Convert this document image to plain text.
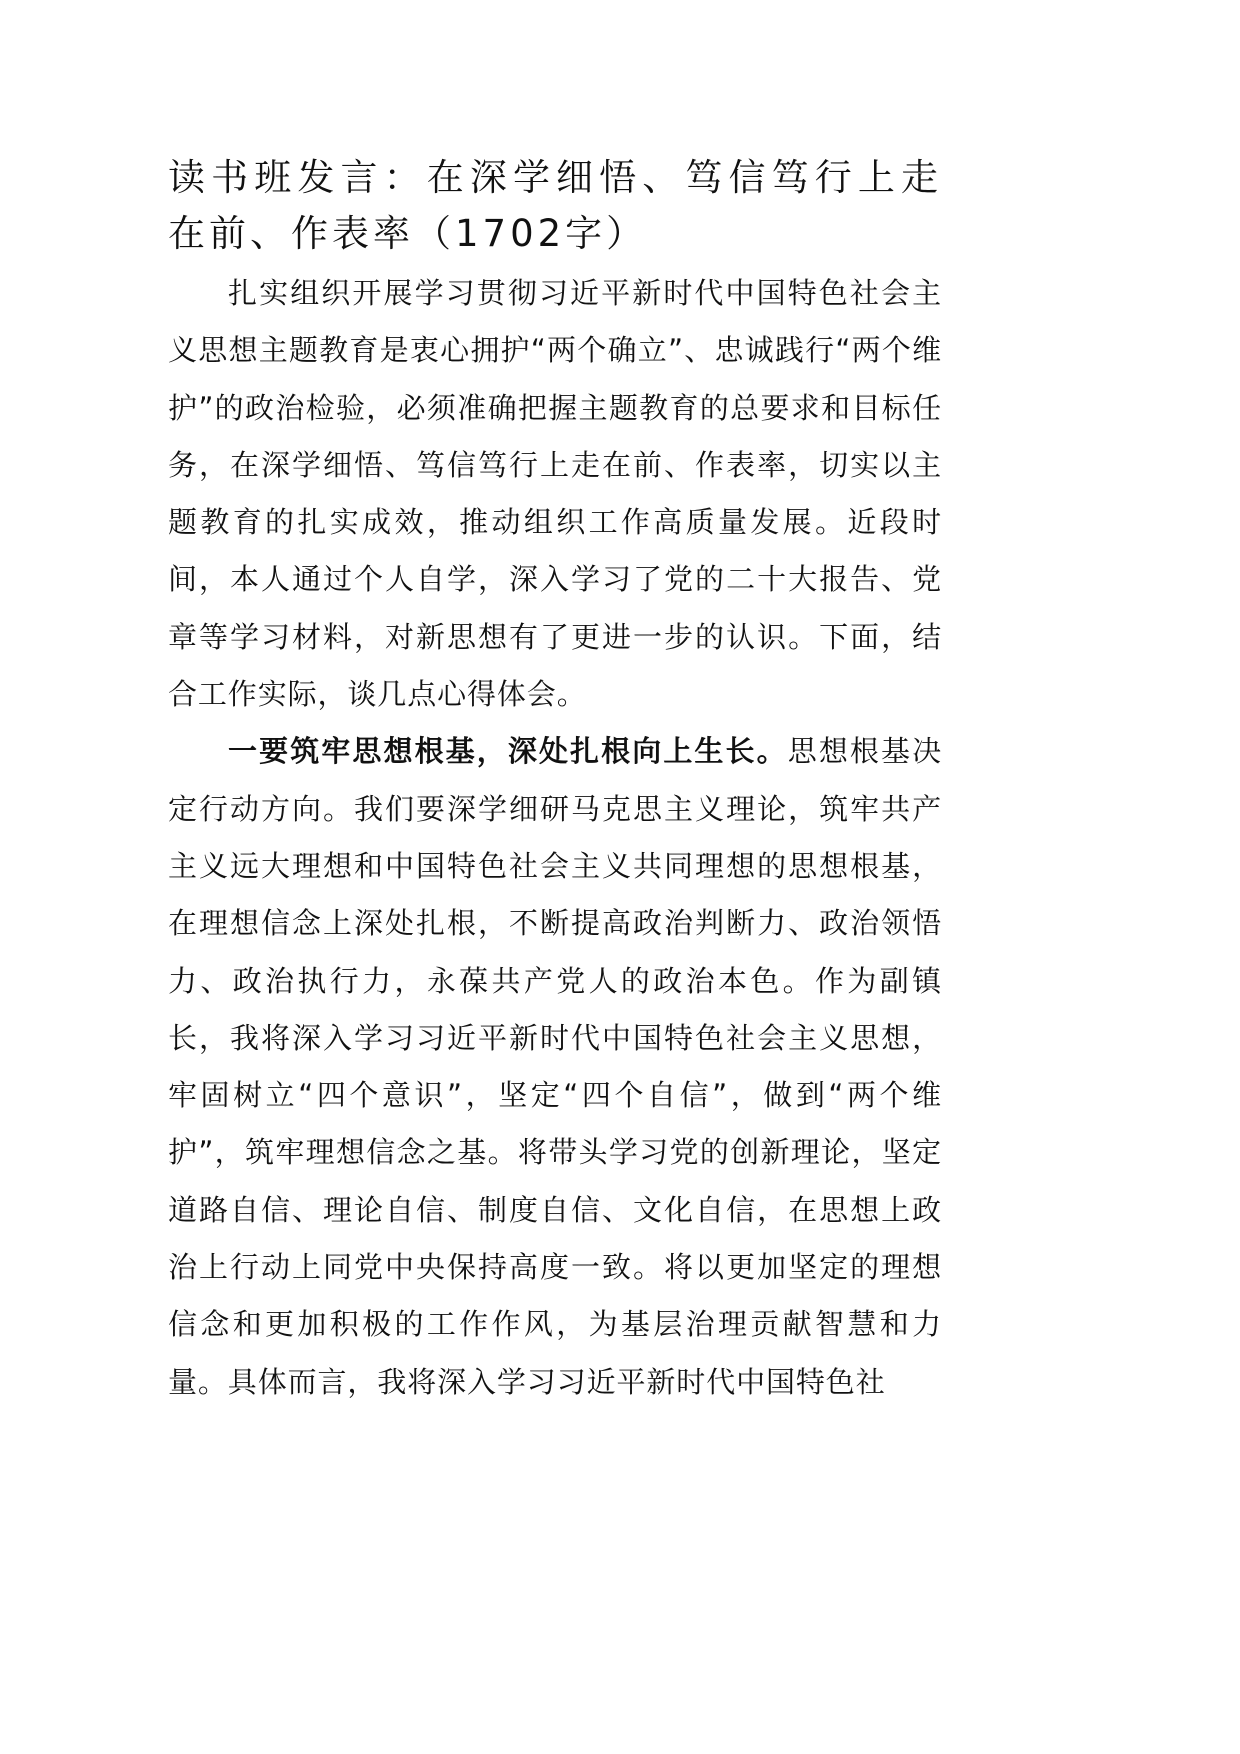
读书班发言：在深学细悟、笃信笃行上走在前、作表率（1702字）

扎实组织开展学习贯彻习近平新时代中国特色社会主义思想主题教育是衷心拥护“两个确立”、忠诚践行“两个维护”的政治检验，必须准确把握主题教育的总要求和目标任务，在深学细悟、笃信笃行上走在前、作表率，切实以主题教育的扎实成效，推动组织工作高质量发展。近段时间，本人通过个人自学，深入学习了党的二十大报告、党章等学习材料，对新思想有了更进一步的认识。下面，结合工作实际，谈几点心得体会。

一要筑牢思想根基，深处扎根向上生长。思想根基决定行动方向。我们要深学细研马克思主义理论，筑牢共产主义远大理想和中国特色社会主义共同理想的思想根基，在理想信念上深处扎根，不断提高政治判断力、政治领悟力、政治执行力，永葆共产党人的政治本色。作为副镇长，我将深入学习习近平新时代中国特色社会主义思想，牢固树立“四个意识”，坚定“四个自信”，做到“两个维护”，筑牢理想信念之基。将带头学习党的创新理论，坚定道路自信、理论自信、制度自信、文化自信，在思想上政治上行动上同党中央保持高度一致。将以更加坚定的理想信念和更加积极的工作作风，为基层治理贡献智慧和力量。具体而言，我将深入学习习近平新时代中国特色社
